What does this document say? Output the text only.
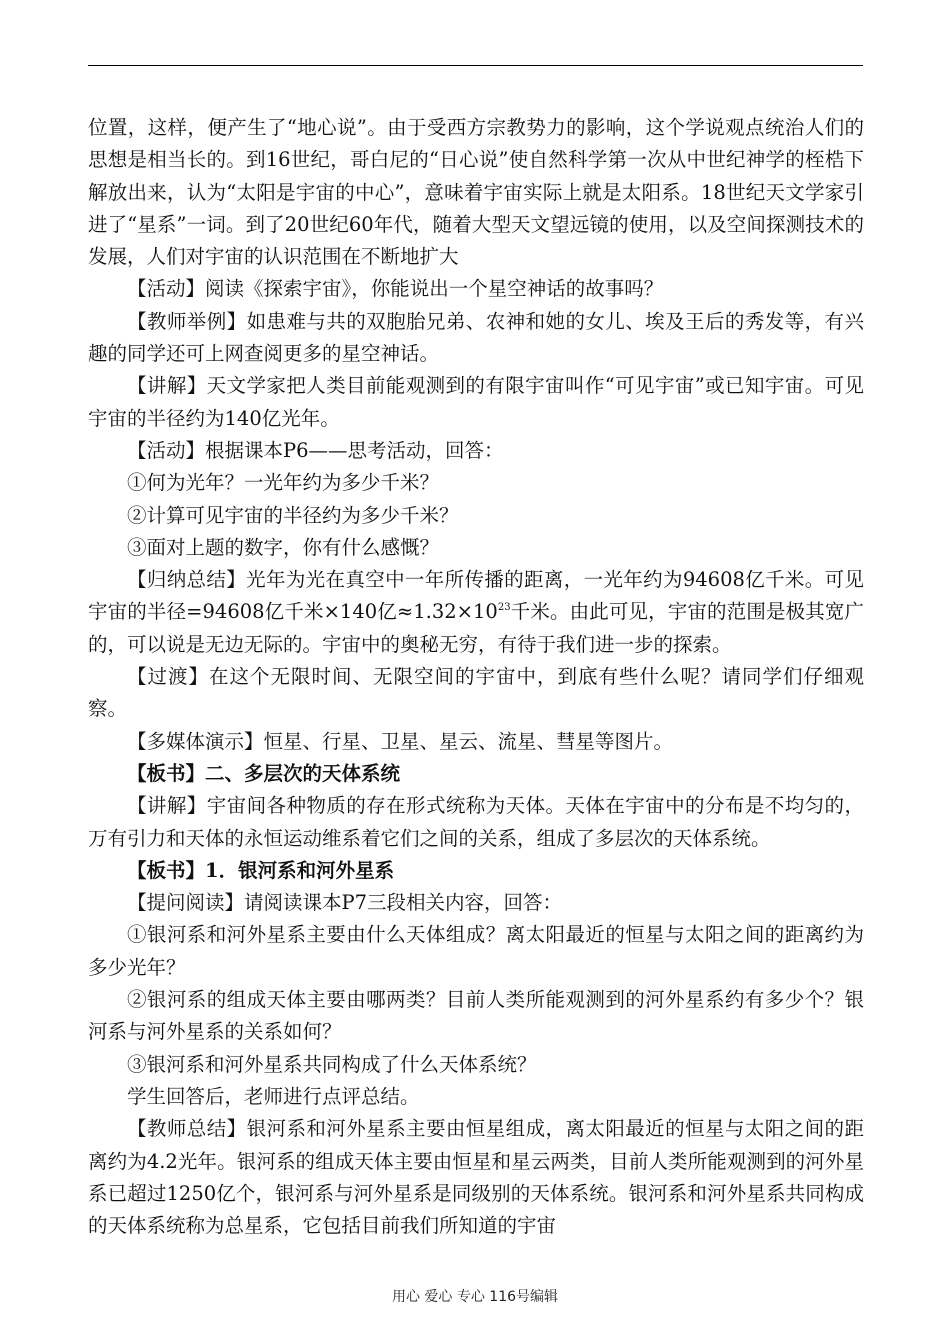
位置，这样，便产生了“地心说”。由于受西方宗教势力的影响，这个学说观点统治人们的思想是相当长的。到16世纪，哥白尼的“日心说”使自然科学第一次从中世纪神学的桎梏下解放出来，认为“太阳是宇宙的中心”，意味着宇宙实际上就是太阳系。18世纪天文学家引进了“星系”一词。到了20世纪60年代，随着大型天文望远镜的使用，以及空间探测技术的发展，人们对宇宙的认识范围在不断地扩大

【活动】阅读《探索宇宙》，你能说出一个星空神话的故事吗？

【教师举例】如患难与共的双胞胎兄弟、农神和她的女儿、埃及王后的秀发等，有兴趣的同学还可上网查阅更多的星空神话。

【讲解】天文学家把人类目前能观测到的有限宇宙叫作“可见宇宙”或已知宇宙。可见宇宙的半径约为140亿光年。

【活动】根据课本P6——思考活动，回答：

①何为光年？一光年约为多少千米？

②计算可见宇宙的半径约为多少千米？

③面对上题的数字，你有什么感慨？

【归纳总结】光年为光在真空中一年所传播的距离，一光年约为94608亿千米。可见宇宙的半径=94608亿千米×140亿$\approx 1.32\times 10^{23}$千米。由此可见，宇宙的范围是极其宽广的，可以说是无边无际的。宇宙中的奥秘无穷，有待于我们进一步的探索。

【过渡】在这个无限时间、无限空间的宇宙中，到底有些什么呢？请同学们仔细观察。

【多媒体演示】恒星、行星、卫星、星云、流星、彗星等图片。

【板书】二、多层次的天体系统

【讲解】宇宙间各种物质的存在形式统称为天体。天体在宇宙中的分布是不均匀的，万有引力和天体的永恒运动维系着它们之间的关系，组成了多层次的天体系统。

【板书】1．银河系和河外星系

【提问阅读】请阅读课本P7三段相关内容，回答：

①银河系和河外星系主要由什么天体组成？离太阳最近的恒星与太阳之间的距离约为多少光年？

②银河系的组成天体主要由哪两类？目前人类所能观测到的河外星系约有多少个？银河系与河外星系的关系如何？

③银河系和河外星系共同构成了什么天体系统？

学生回答后，老师进行点评总结。

【教师总结】银河系和河外星系主要由恒星组成，离太阳最近的恒星与太阳之间的距离约为4.2光年。银河系的组成天体主要由恒星和星云两类，目前人类所能观测到的河外星系已超过1250亿个，银河系与河外星系是同级别的天体系统。银河系和河外星系共同构成的天体系统称为总星系，它包括目前我们所知道的宇宙

用心 爱心 专心 116号编辑
